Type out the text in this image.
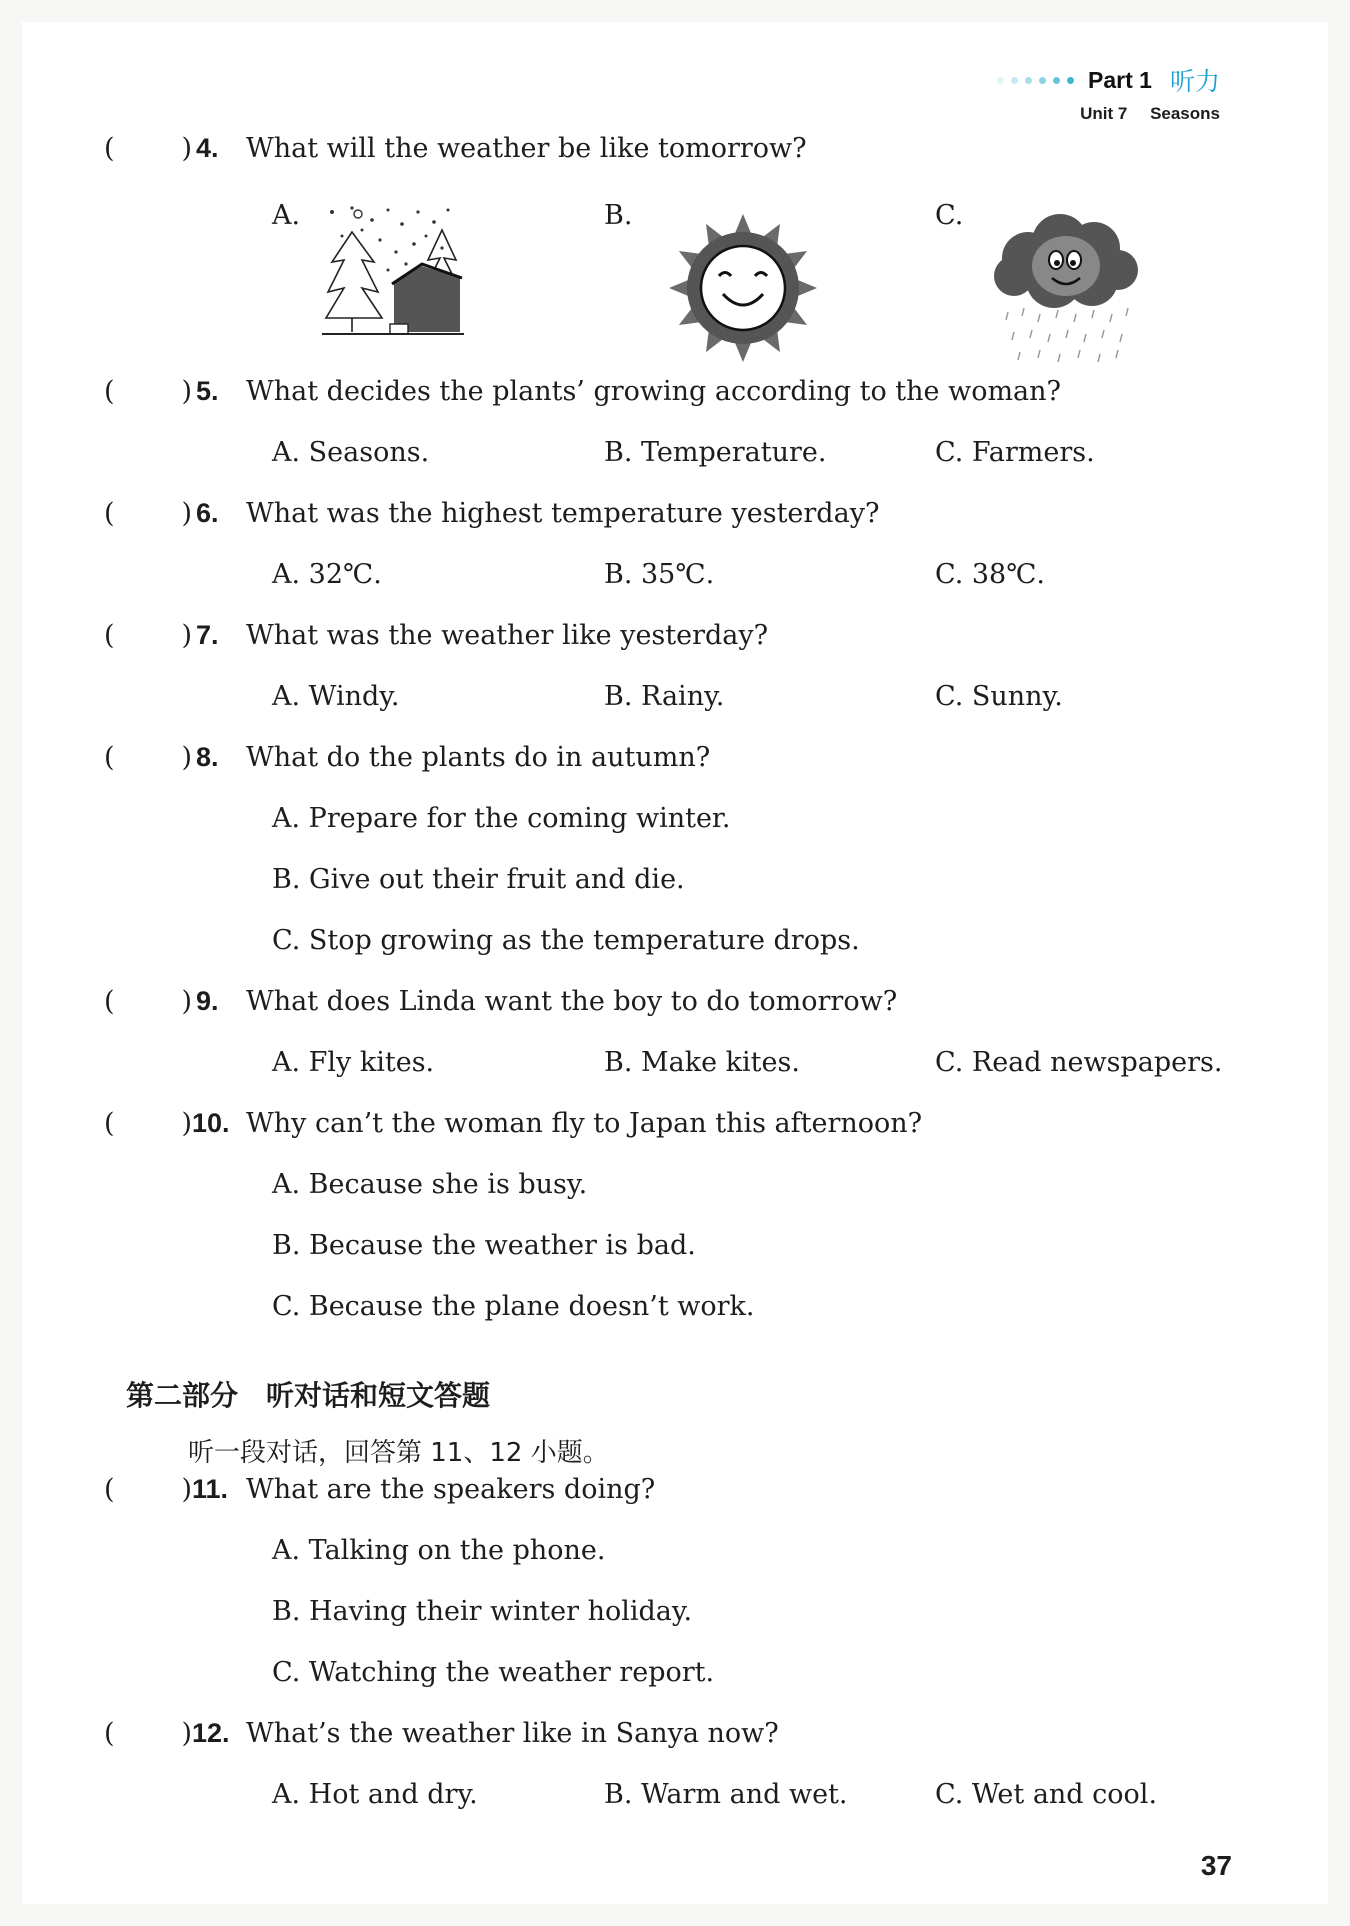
Part 1 听力
Unit 7 Seasons
( ) 4.	What will the weather be like tomorrow?
A.	B.	C.
( ) 5.	What decides the plants’ growing according to the woman?
A. Seasons.	B. Temperature.	C. Farmers.
( ) 6.	What was the highest temperature yesterday?
A. 32℃.	B. 35℃.	C. 38℃.
( ) 7.	What was the weather like yesterday?
A. Windy.	B. Rainy.	C. Sunny.
( ) 8.	What do the plants do in autumn?
A. Prepare for the coming winter.
B. Give out their fruit and die.
C. Stop growing as the temperature drops.
( ) 9.	What does Linda want the boy to do tomorrow?
A. Fly kites.	B. Make kites.	C. Read newspapers.
( ) 10. Why can’t the woman fly to Japan this afternoon?
A. Because she is busy.
B. Because the weather is bad.
C. Because the plane doesn’t work.
第二部分　听对话和短文答题
听一段对话，回答第 11、12 小题。
( ) 11. What are the speakers doing?
A. Talking on the phone.
B. Having their winter holiday.
C. Watching the weather report.
( ) 12. What’s the weather like in Sanya now?
A. Hot and dry.	B. Warm and wet.	C. Wet and cool.
37
